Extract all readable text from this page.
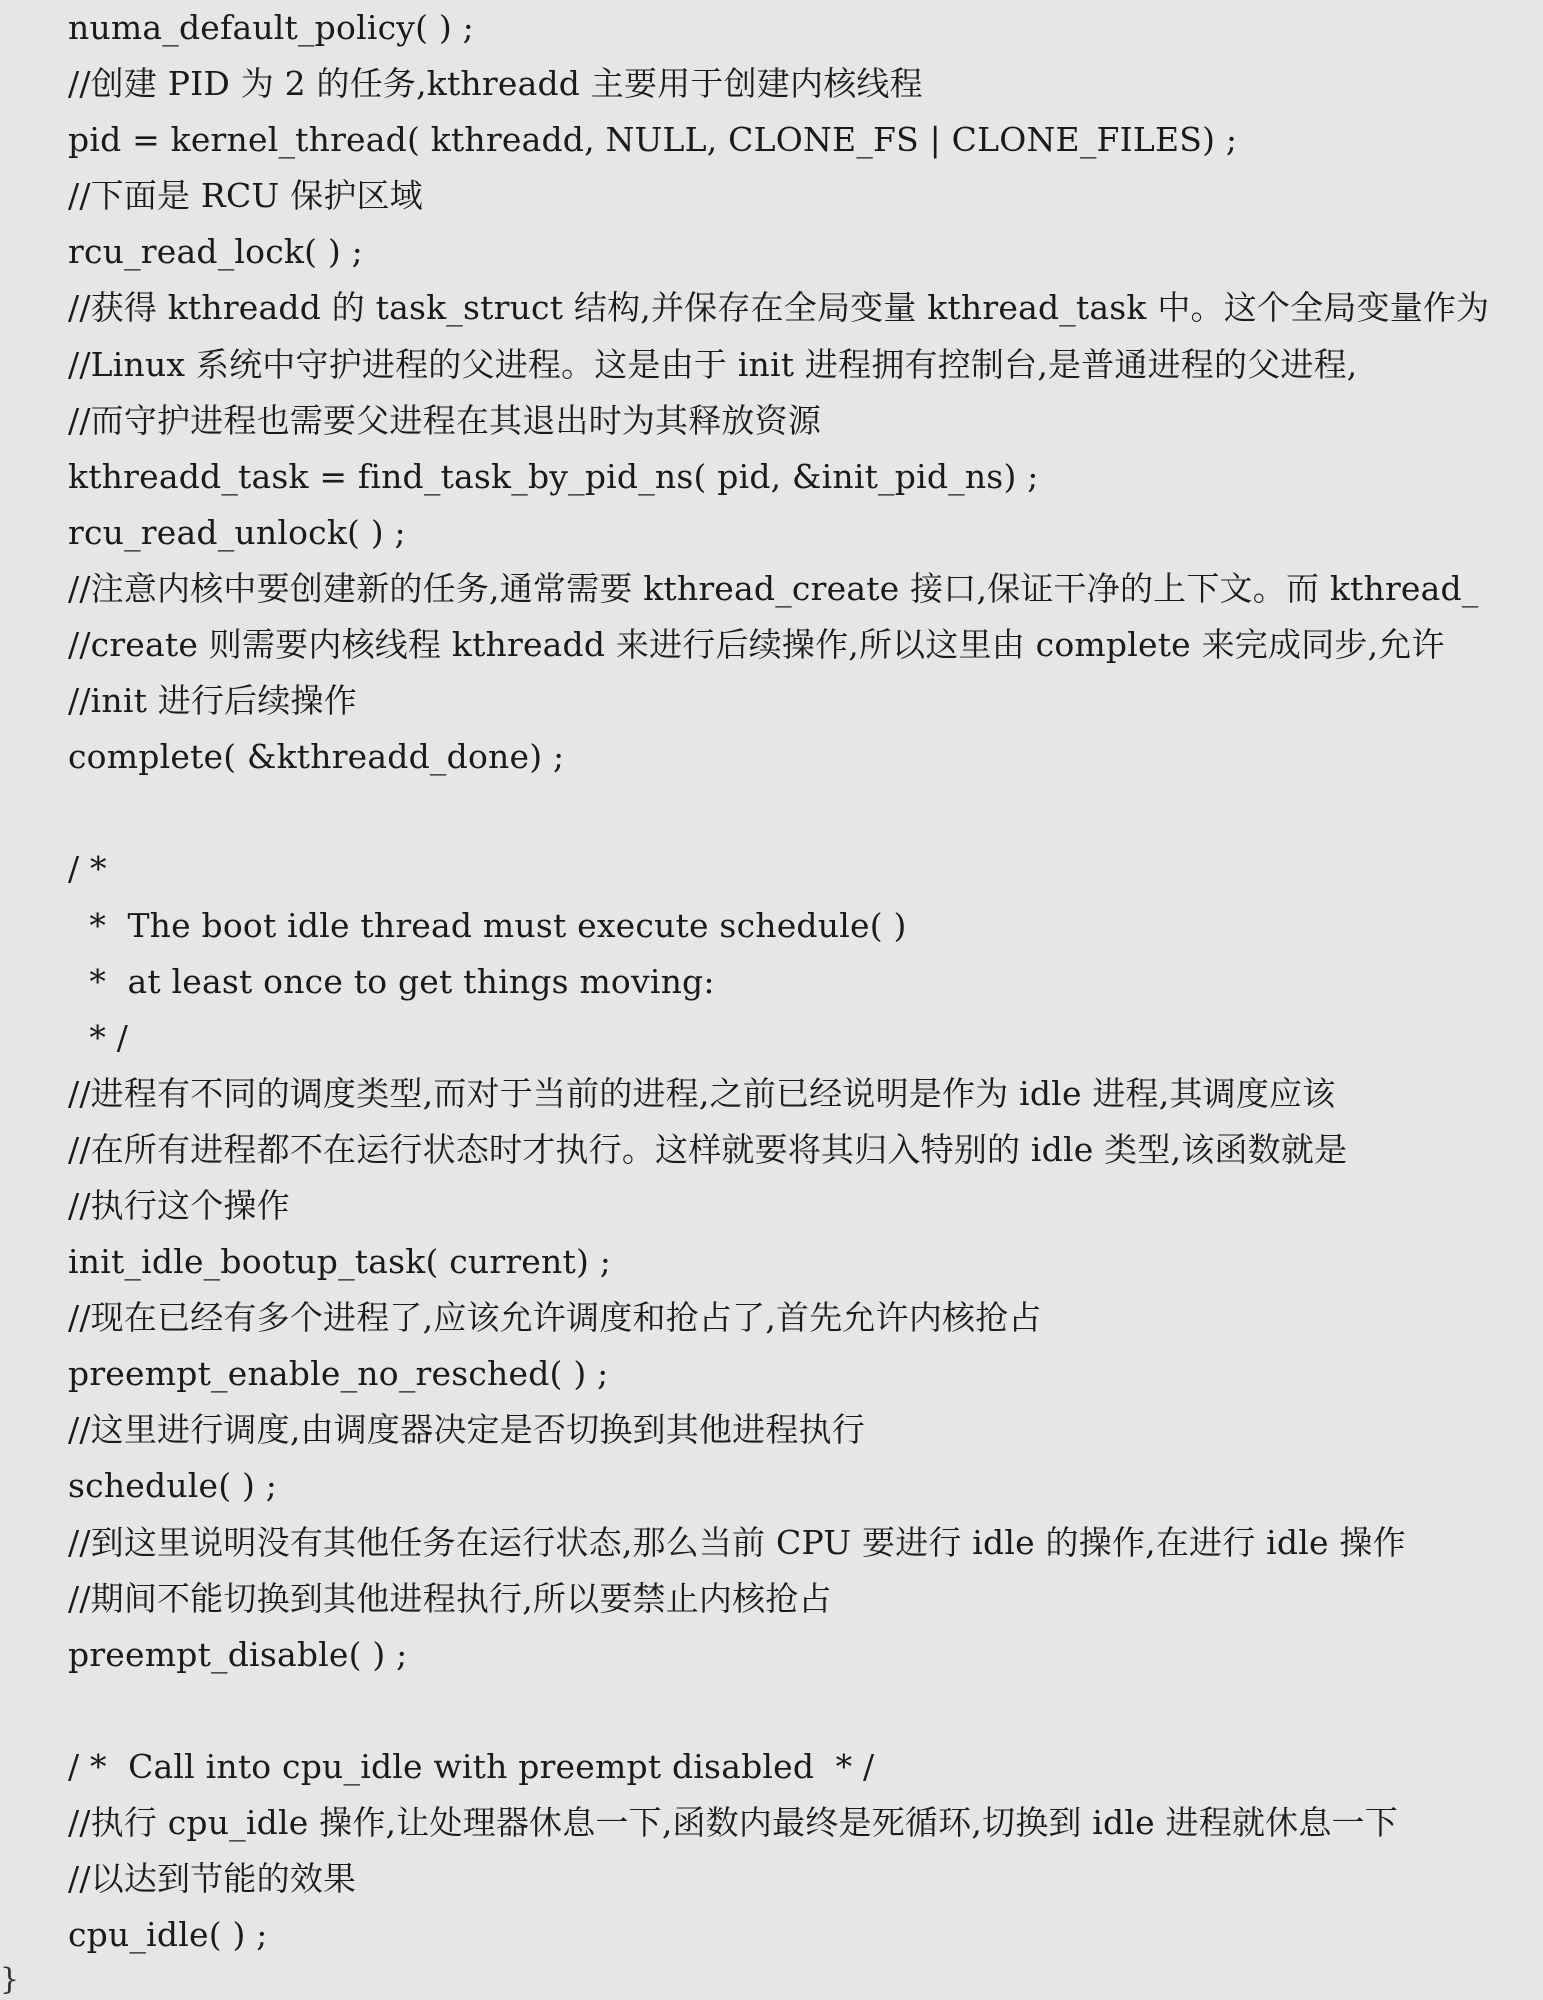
numa_default_policy( ) ;
//创建 PID 为 2 的任务,kthreadd 主要用于创建内核线程
pid = kernel_thread( kthreadd, NULL, CLONE_FS | CLONE_FILES) ;
//下面是 RCU 保护区域
rcu_read_lock( ) ;
//获得 kthreadd 的 task_struct 结构,并保存在全局变量 kthread_task 中。这个全局变量作为
//Linux 系统中守护进程的父进程。这是由于 init 进程拥有控制台,是普通进程的父进程,
//而守护进程也需要父进程在其退出时为其释放资源
kthreadd_task = find_task_by_pid_ns( pid, &init_pid_ns) ;
rcu_read_unlock( ) ;
//注意内核中要创建新的任务,通常需要 kthread_create 接口,保证干净的上下文。而 kthread_
//create 则需要内核线程 kthreadd 来进行后续操作,所以这里由 complete 来完成同步,允许
//init 进行后续操作
complete( &kthreadd_done) ;
/ *
*  The boot idle thread must execute schedule( )
*  at least once to get things moving:
* /
//进程有不同的调度类型,而对于当前的进程,之前已经说明是作为 idle 进程,其调度应该
//在所有进程都不在运行状态时才执行。这样就要将其归入特别的 idle 类型,该函数就是
//执行这个操作
init_idle_bootup_task( current) ;
//现在已经有多个进程了,应该允许调度和抢占了,首先允许内核抢占
preempt_enable_no_resched( ) ;
//这里进行调度,由调度器决定是否切换到其他进程执行
schedule( ) ;
//到这里说明没有其他任务在运行状态,那么当前 CPU 要进行 idle 的操作,在进行 idle 操作
//期间不能切换到其他进程执行,所以要禁止内核抢占
preempt_disable( ) ;
/ *  Call into cpu_idle with preempt disabled  * /
//执行 cpu_idle 操作,让处理器休息一下,函数内最终是死循环,切换到 idle 进程就休息一下
//以达到节能的效果
cpu_idle( ) ;
}
